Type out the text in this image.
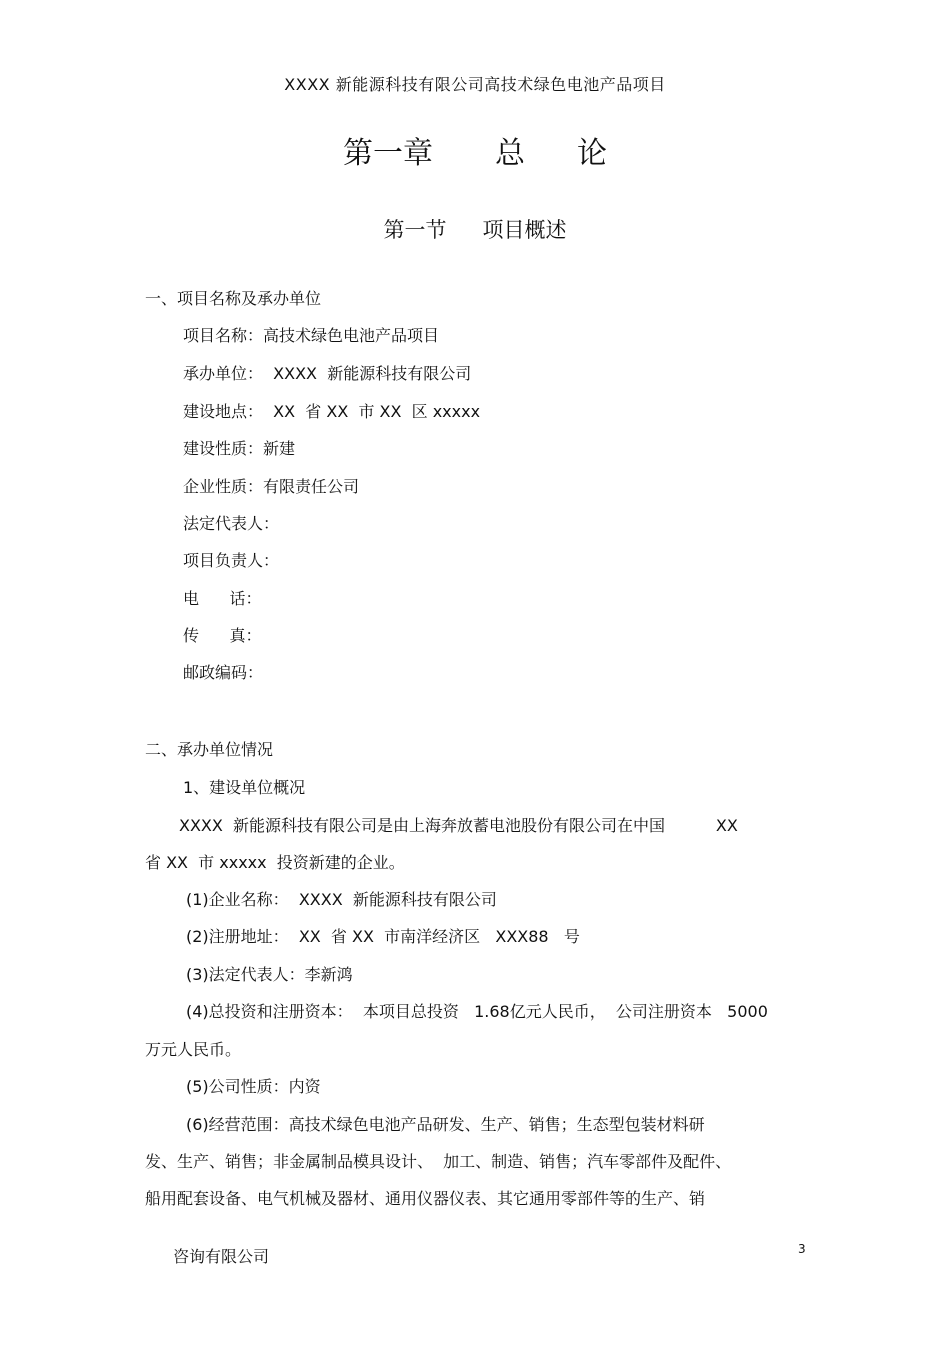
XXXX 新能源科技有限公司高技术绿色电池产品项目
第一章 总 论
第一节 项目概述
一、项目名称及承办单位
项目名称：高技术绿色电池产品项目
承办单位：  XXXX  新能源科技有限公司
建设地点：  XX  省 XX  市 XX  区 xxxxx
建设性质：新建
企业性质：有限责任公司
法定代表人：
项目负责人：
电      话：
传      真：
邮政编码：
二、承办单位情况
1、建设单位概况
XXXX  新能源科技有限公司是由上海奔放蓄电池股份有限公司在中国          XX
省 XX  市 xxxxx  投资新建的企业。
(1)企业名称：  XXXX  新能源科技有限公司
(2)注册地址：  XX  省 XX  市南洋经济区   XXX88   号
(3)法定代表人：李新鸿
(4)总投资和注册资本：  本项目总投资   1.68亿元人民币，  公司注册资本   5000
万元人民币。
(5)公司性质：内资
(6)经营范围：高技术绿色电池产品研发、生产、销售；生态型包装材料研
发、生产、销售；非金属制品模具设计、  加工、制造、销售；汽车零部件及配件、
船用配套设备、电气机械及器材、通用仪器仪表、其它通用零部件等的生产、销
咨询有限公司	3
